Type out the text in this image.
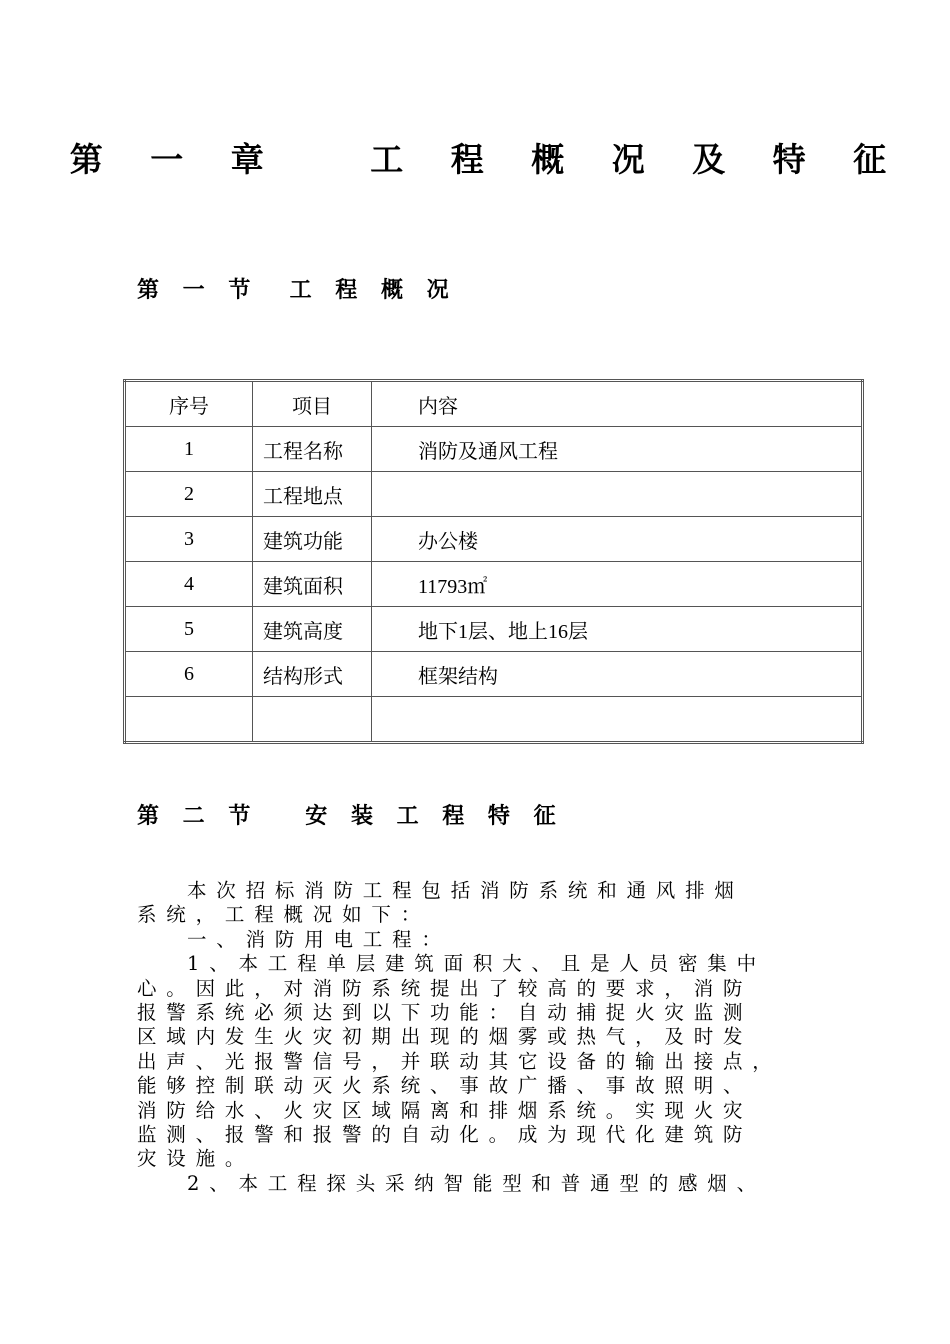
第 一 章   工 程 概 况 及 特 征
第 一 节  工 程 概 况
序号	项目	内容
1	工程名称	消防及通风工程
2	工程地点	
3	建筑功能	办公楼
4	建筑面积	11793㎡
5	建筑高度	地下1层、地上16层
6	结构形式	框架结构

第 二 节   安 装 工 程 特 征
本次招标消防工程包括消防系统和通风排烟
系统，工程概况如下：
一、消防用电工程：
1、本工程单层建筑面积大、且是人员密集中
心。因此，对消防系统提出了较高的要求，消防
报警系统必须达到以下功能：自动捕捉火灾监测
区域内发生火灾初期出现的烟雾或热气，及时发
出声、光报警信号，并联动其它设备的输出接点，
能够控制联动灭火系统、事故广播、事故照明、
消防给水、火灾区域隔离和排烟系统。实现火灾
监测、报警和报警的自动化。成为现代化建筑防
灾设施。
2、本工程探头采纳智能型和普通型的感烟、
